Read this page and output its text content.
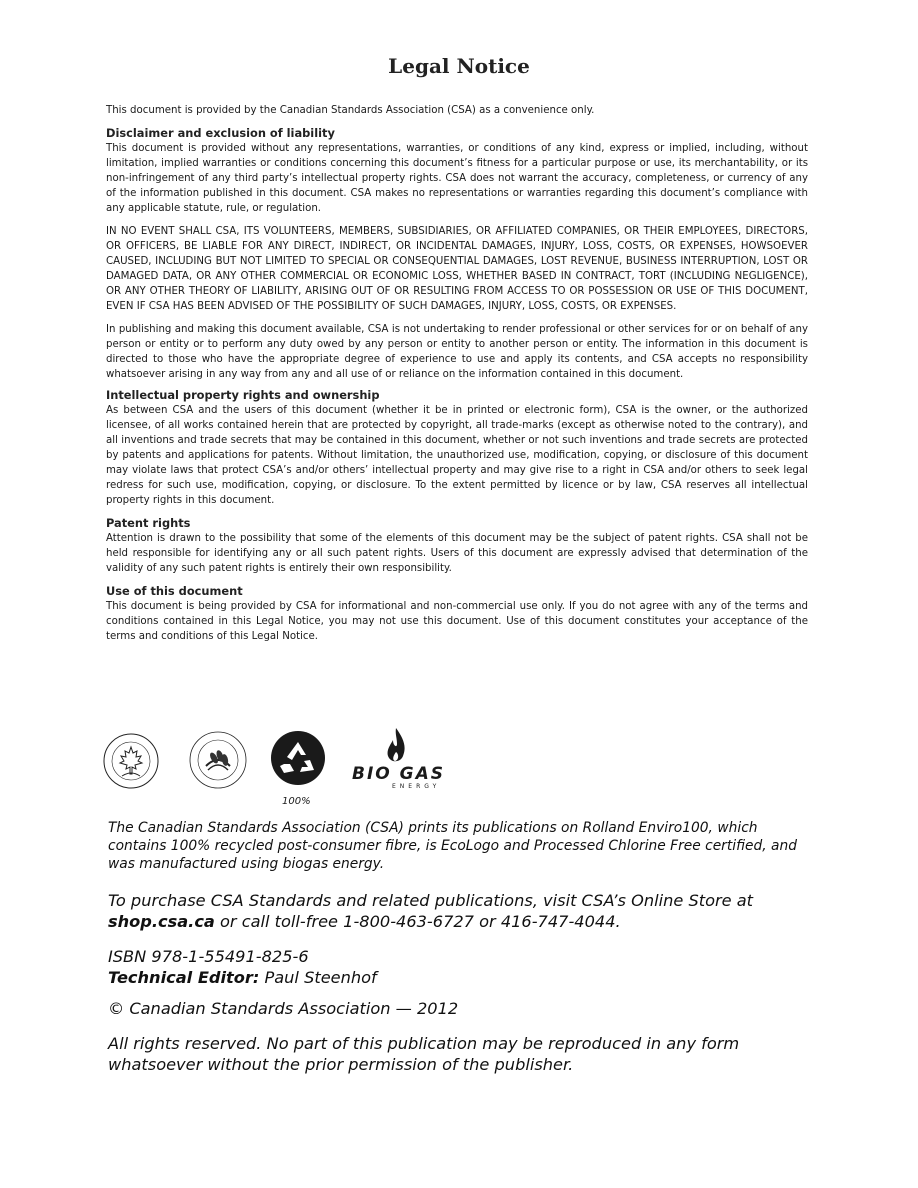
Legal Notice

This document is provided by the Canadian Standards Association (CSA) as a convenience only.

Disclaimer and exclusion of liability

This document is provided without any representations, warranties, or conditions of any kind, express or implied, including, without limitation, implied warranties or conditions concerning this document’s fitness for a particular purpose or use, its merchantability, or its non-infringement of any third party’s intellectual property rights. CSA does not warrant the accuracy, completeness, or currency of any of the information published in this document. CSA makes no representations or warranties regarding this document’s compliance with any applicable statute, rule, or regulation.

IN NO EVENT SHALL CSA, ITS VOLUNTEERS, MEMBERS, SUBSIDIARIES, OR AFFILIATED COMPANIES, OR THEIR EMPLOYEES, DIRECTORS, OR OFFICERS, BE LIABLE FOR ANY DIRECT, INDIRECT, OR INCIDENTAL DAMAGES, INJURY, LOSS, COSTS, OR EXPENSES, HOWSOEVER CAUSED, INCLUDING BUT NOT LIMITED TO SPECIAL OR CONSEQUENTIAL DAMAGES, LOST REVENUE, BUSINESS INTERRUPTION, LOST OR DAMAGED DATA, OR ANY OTHER COMMERCIAL OR ECONOMIC LOSS, WHETHER BASED IN CONTRACT, TORT (INCLUDING NEGLIGENCE), OR ANY OTHER THEORY OF LIABILITY, ARISING OUT OF OR RESULTING FROM ACCESS TO OR POSSESSION OR USE OF THIS DOCUMENT, EVEN IF CSA HAS BEEN ADVISED OF THE POSSIBILITY OF SUCH DAMAGES, INJURY, LOSS, COSTS, OR EXPENSES.

In publishing and making this document available, CSA is not undertaking to render professional or other services for or on behalf of any person or entity or to perform any duty owed by any person or entity to another person or entity. The information in this document is directed to those who have the appropriate degree of experience to use and apply its contents, and CSA accepts no responsibility whatsoever arising in any way from any and all use of or reliance on the information contained in this document.

Intellectual property rights and ownership

As between CSA and the users of this document (whether it be in printed or electronic form), CSA is the owner, or the authorized licensee, of all works contained herein that are protected by copyright, all trade-marks (except as otherwise noted to the contrary), and all inventions and trade secrets that may be contained in this document, whether or not such inventions and trade secrets are protected by patents and applications for patents. Without limitation, the unauthorized use, modification, copying, or disclosure of this document may violate laws that protect CSA’s and/or others’ intellectual property and may give rise to a right in CSA and/or others to seek legal redress for such use, modification, copying, or disclosure. To the extent permitted by licence or by law, CSA reserves all intellectual property rights in this document.

Patent rights

Attention is drawn to the possibility that some of the elements of this document may be the subject of patent rights. CSA shall not be held responsible for identifying any or all such patent rights. Users of this document are expressly advised that determination of the validity of any such patent rights is entirely their own responsibility.

Use of this document

This document is being provided by CSA for informational and non-commercial use only. If you do not agree with any of the terms and conditions contained in this Legal Notice, you may not use this document. Use of this document constitutes your acceptance of the terms and conditions of this Legal Notice.

100%
BIO GAS
ENERGY

The Canadian Standards Association (CSA) prints its publications on Rolland Enviro100, which contains 100% recycled post-consumer fibre, is EcoLogo and Processed Chlorine Free certified, and was manufactured using biogas energy.

To purchase CSA Standards and related publications, visit CSA’s Online Store at shop.csa.ca or call toll-free 1-800-463-6727 or 416-747-4044.

ISBN 978-1-55491-825-6

Technical Editor: Paul Steenhof

© Canadian Standards Association — 2012

All rights reserved. No part of this publication may be reproduced in any form whatsoever without the prior permission of the publisher.
